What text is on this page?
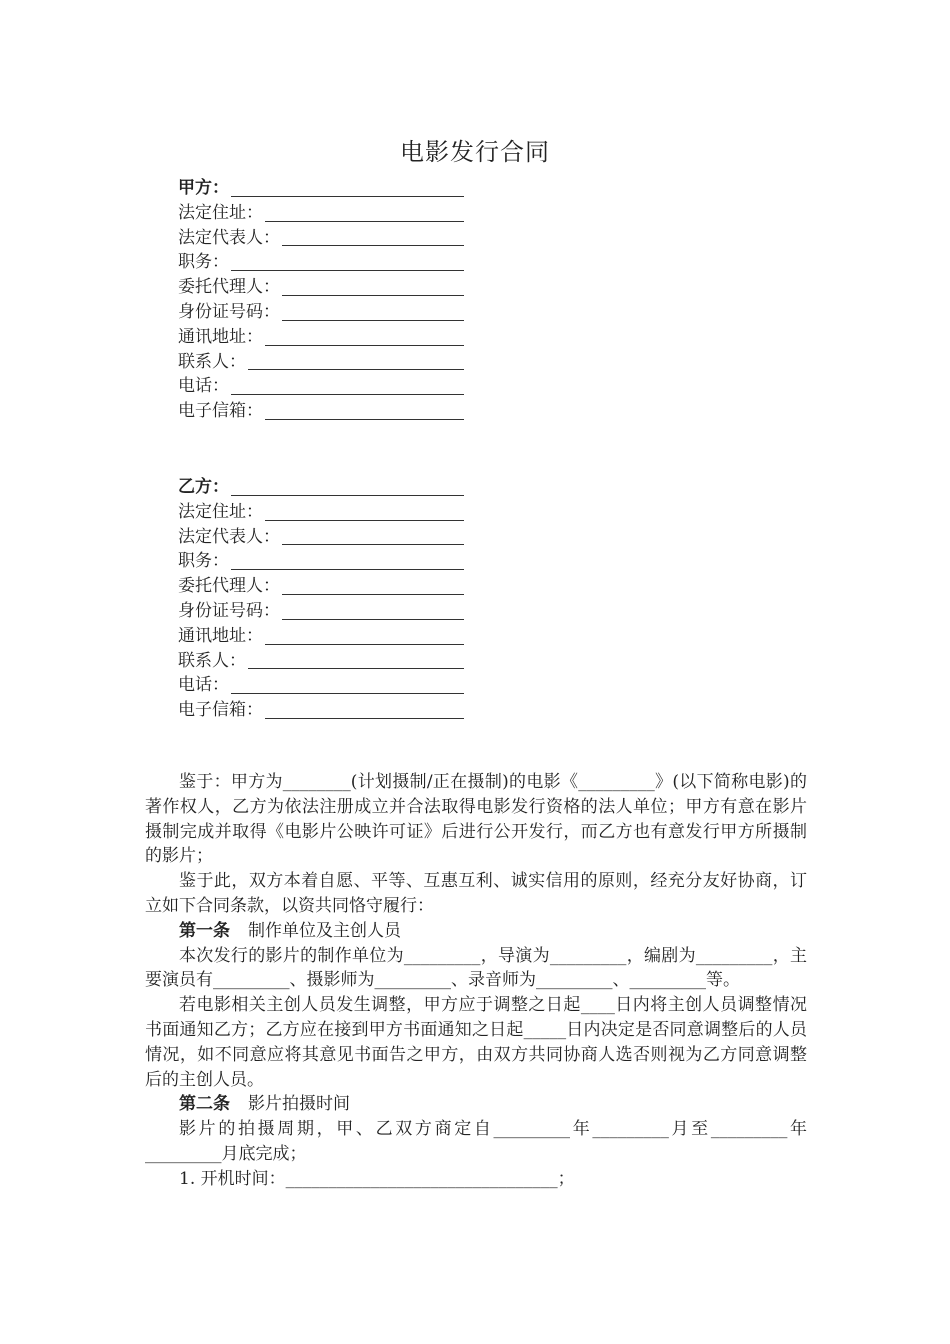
电影发行合同
甲方：
法定住址：
法定代表人：
职务：
委托代理人：
身份证号码：
通讯地址：
联系人：
电话：
电子信箱：
乙方：
法定住址：
法定代表人：
职务：
委托代理人：
身份证号码：
通讯地址：
联系人：
电话：
电子信箱：

鉴于：甲方为________(计划摄制/正在摄制)的电影《_________》(以下简称电影)的著作权人，乙方为依法注册成立并合法取得电影发行资格的法人单位；甲方有意在影片摄制完成并取得《电影片公映许可证》后进行公开发行，而乙方也有意发行甲方所摄制的影片；

鉴于此，双方本着自愿、平等、互惠互利、诚实信用的原则，经充分友好协商，订立如下合同条款，以资共同恪守履行：

第一条 制作单位及主创人员

本次发行的影片的制作单位为_________，导演为_________，编剧为_________，主要演员有_________、摄影师为_________、录音师为_________、_________等。

若电影相关主创人员发生调整，甲方应于调整之日起____日内将主创人员调整情况书面通知乙方；乙方应在接到甲方书面通知之日起_____日内决定是否同意调整后的人员情况，如不同意应将其意见书面告之甲方，由双方共同协商人选否则视为乙方同意调整后的主创人员。

第二条 影片拍摄时间

影片的拍摄周期，甲、乙双方商定自_________年_________月至_________年_________月底完成；

1. 开机时间：________________________________；
